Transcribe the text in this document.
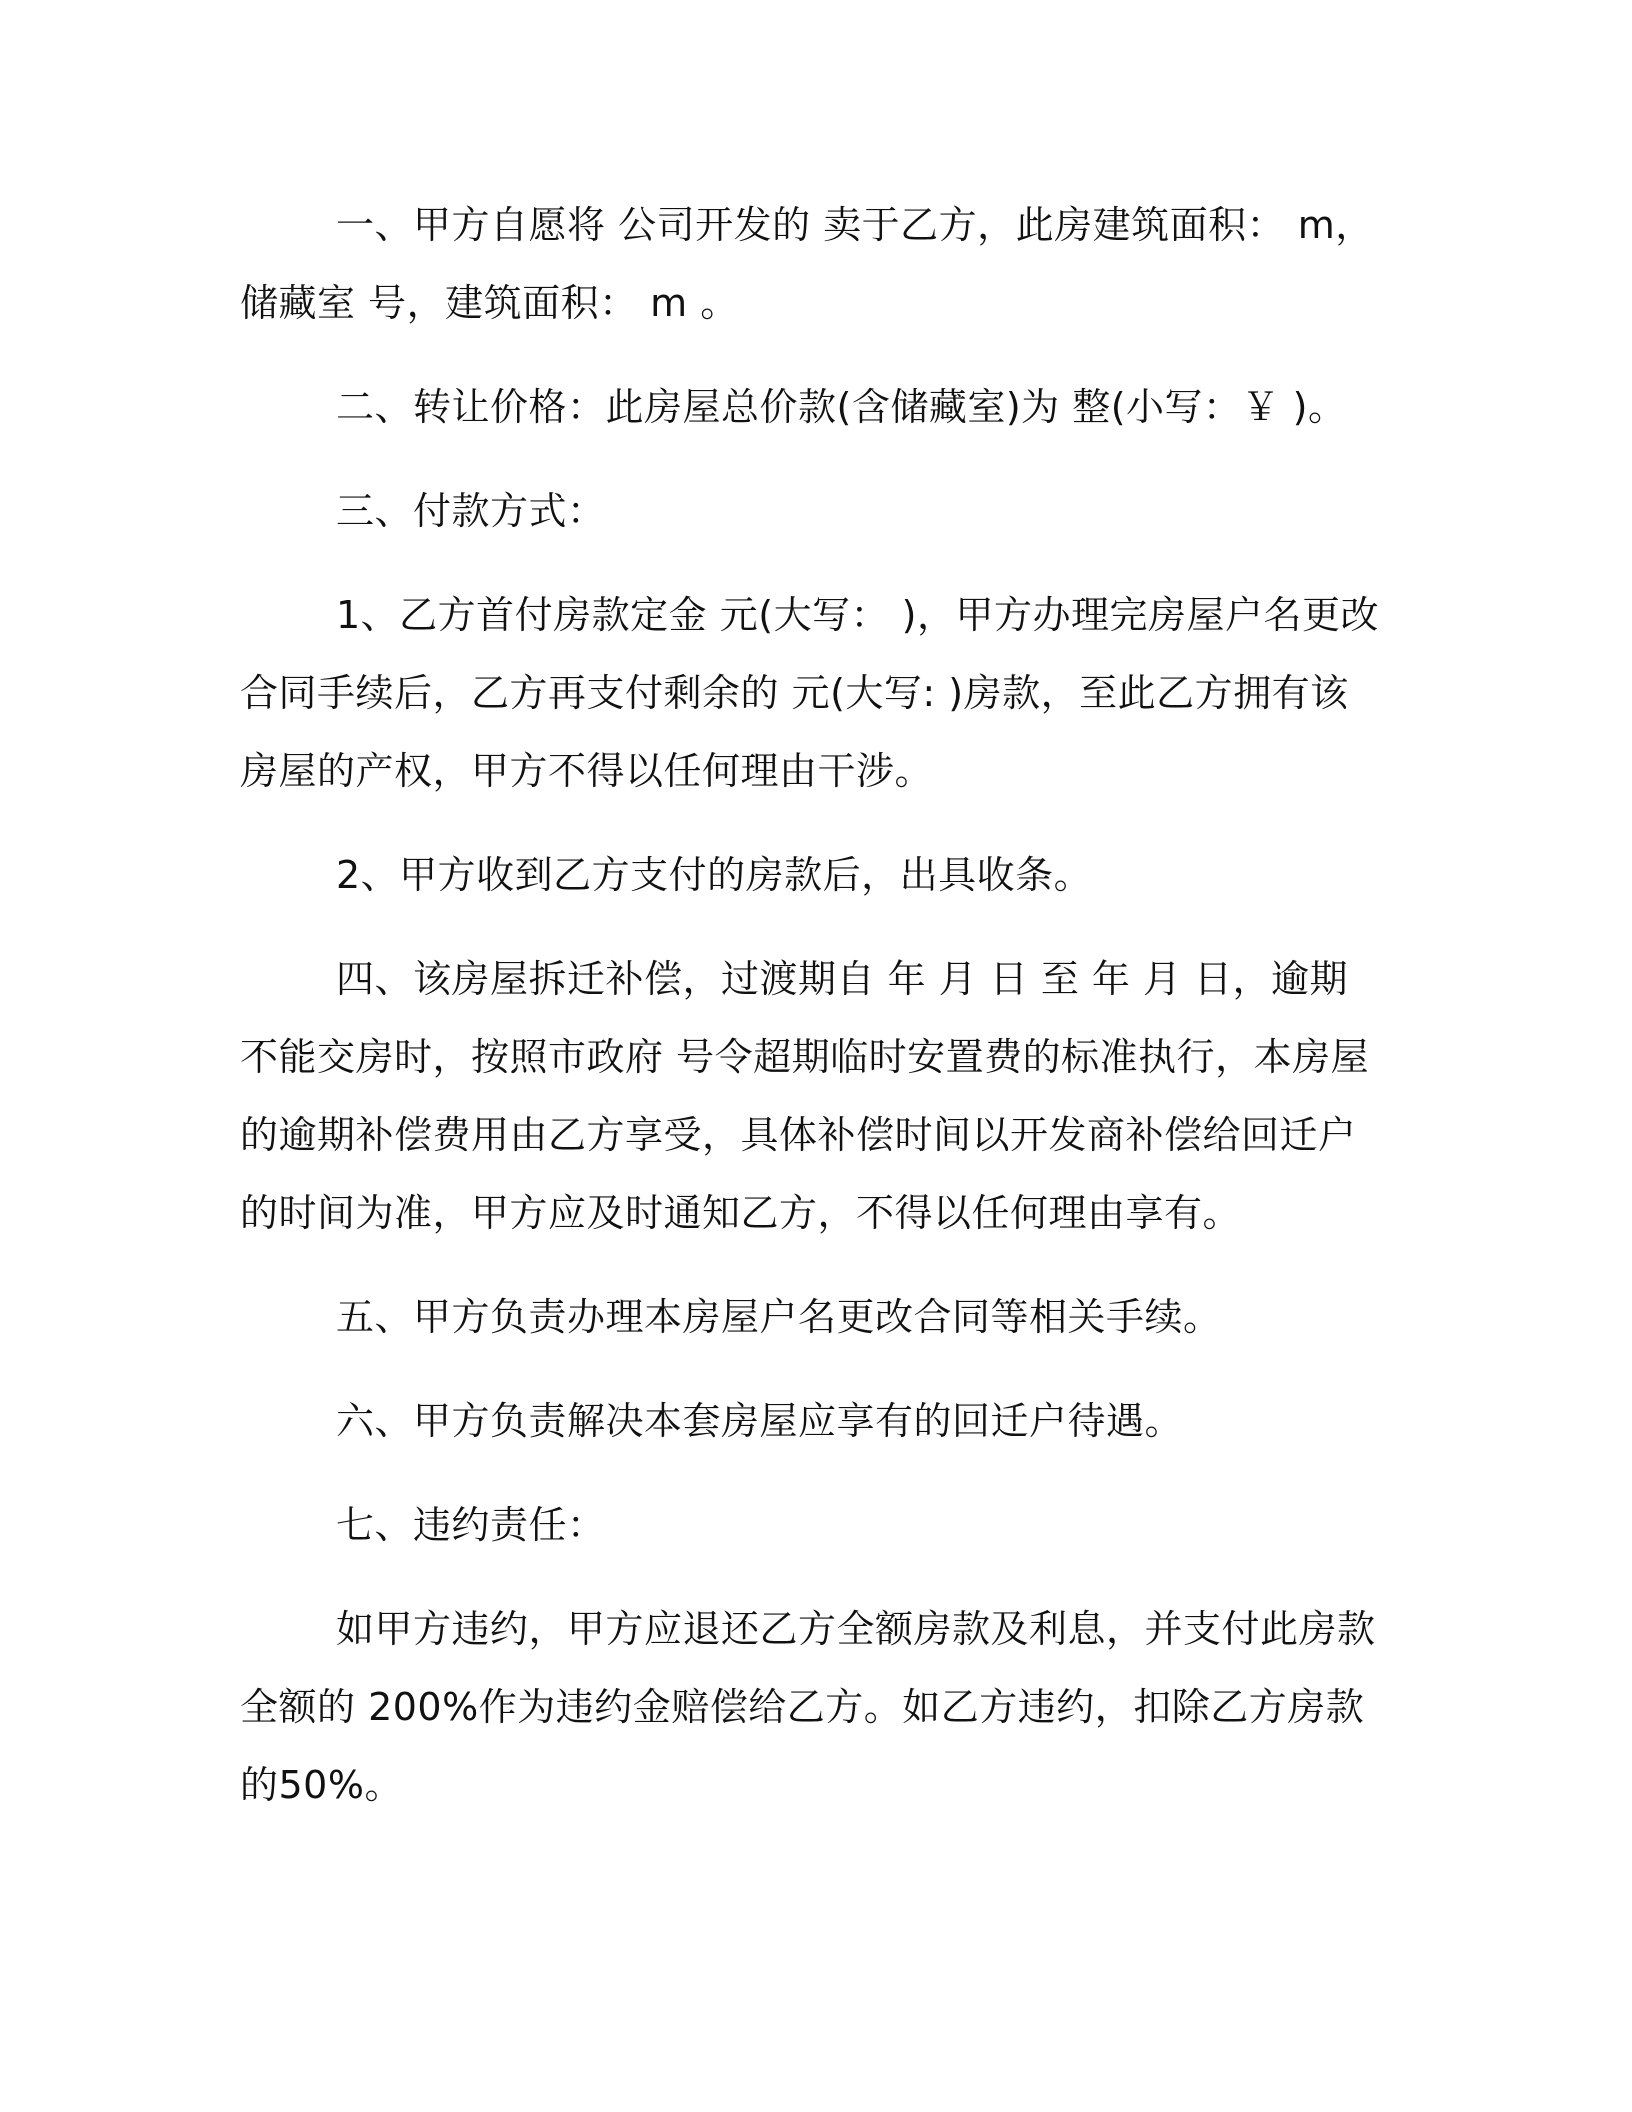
一、甲方自愿将 公司开发的 卖于乙方，此房建筑面积： m，储藏室 号，建筑面积： m 。

二、转让价格：此房屋总价款(含储藏室)为 整(小写：￥ )。

三、付款方式：

1、乙方首付房款定金 元(大写： )，甲方办理完房屋户名更改合同手续后，乙方再支付剩余的 元(大写: )房款，至此乙方拥有该房屋的产权，甲方不得以任何理由干涉。

2、甲方收到乙方支付的房款后，出具收条。

四、该房屋拆迁补偿，过渡期自 年 月 日 至 年 月 日，逾期不能交房时，按照市政府 号令超期临时安置费的标准执行，本房屋的逾期补偿费用由乙方享受，具体补偿时间以开发商补偿给回迁户的时间为准，甲方应及时通知乙方，不得以任何理由享有。

五、甲方负责办理本房屋户名更改合同等相关手续。

六、甲方负责解决本套房屋应享有的回迁户待遇。

七、违约责任：

如甲方违约，甲方应退还乙方全额房款及利息，并支付此房款全额的 200%作为违约金赔偿给乙方。如乙方违约，扣除乙方房款的50%。
